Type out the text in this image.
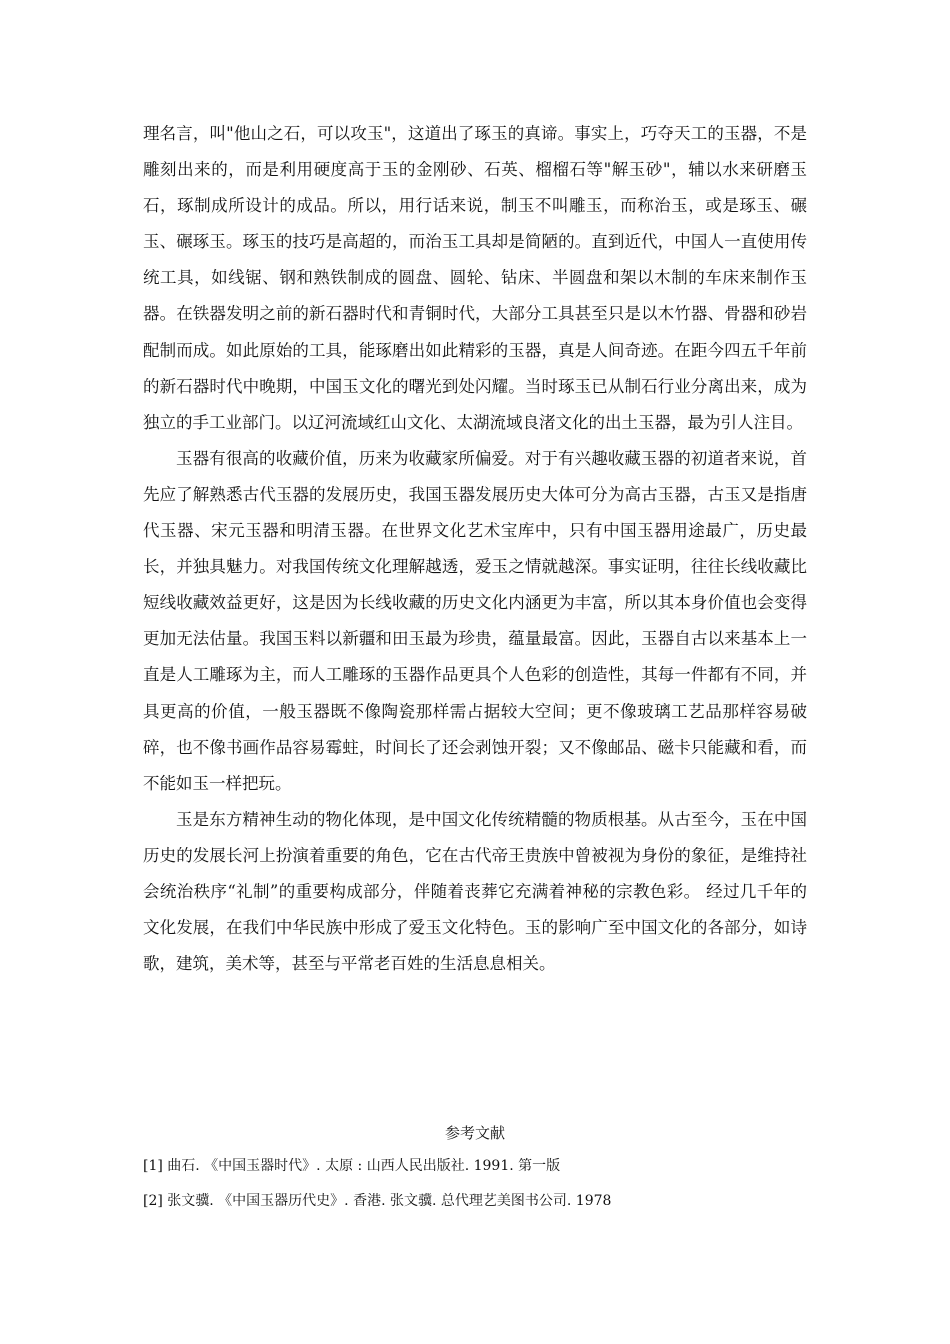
理名言，叫"他山之石，可以攻玉"，这道出了琢玉的真谛。事实上，巧夺天工的玉器，不是雕刻出来的，而是利用硬度高于玉的金刚砂、石英、榴榴石等"解玉砂"，辅以水来研磨玉石，琢制成所设计的成品。所以，用行话来说，制玉不叫雕玉，而称治玉，或是琢玉、碾玉、碾琢玉。琢玉的技巧是高超的，而治玉工具却是简陋的。直到近代，中国人一直使用传统工具，如线锯、钢和熟铁制成的圆盘、圆轮、钻床、半圆盘和架以木制的车床来制作玉器。在铁器发明之前的新石器时代和青铜时代，大部分工具甚至只是以木竹器、骨器和砂岩配制而成。如此原始的工具，能琢磨出如此精彩的玉器，真是人间奇迹。在距今四五千年前的新石器时代中晚期，中国玉文化的曙光到处闪耀。当时琢玉已从制石行业分离出来，成为独立的手工业部门。以辽河流域红山文化、太湖流域良渚文化的出土玉器，最为引人注目。

玉器有很高的收藏价值，历来为收藏家所偏爱。对于有兴趣收藏玉器的初道者来说，首先应了解熟悉古代玉器的发展历史，我国玉器发展历史大体可分为高古玉器，古玉又是指唐代玉器、宋元玉器和明清玉器。在世界文化艺术宝库中，只有中国玉器用途最广，历史最长，并独具魅力。对我国传统文化理解越透，爱玉之情就越深。事实证明，往往长线收藏比短线收藏效益更好，这是因为长线收藏的历史文化内涵更为丰富，所以其本身价值也会变得更加无法估量。我国玉料以新疆和田玉最为珍贵，蕴量最富。因此，玉器自古以来基本上一直是人工雕琢为主，而人工雕琢的玉器作品更具个人色彩的创造性，其每一件都有不同，并具更高的价值，一般玉器既不像陶瓷那样需占据较大空间；更不像玻璃工艺品那样容易破碎，也不像书画作品容易霉蛀，时间长了还会剥蚀开裂；又不像邮品、磁卡只能藏和看，而不能如玉一样把玩。

玉是东方精神生动的物化体现，是中国文化传统精髓的物质根基。从古至今，玉在中国历史的发展长河上扮演着重要的角色，它在古代帝王贵族中曾被视为身份的象征，是维持社会统治秩序“礼制”的重要构成部分，伴随着丧葬它充满着神秘的宗教色彩。 经过几千年的文化发展，在我们中华民族中形成了爱玉文化特色。玉的影响广至中国文化的各部分，如诗歌，建筑，美术等，甚至与平常老百姓的生活息息相关。

参考文献

[1] 曲石. 《中国玉器时代》. 太原 : 山西人民出版社. 1991. 第一版

[2] 张文骥. 《中国玉器历代史》. 香港. 张文骥. 总代理艺美图书公司. 1978
